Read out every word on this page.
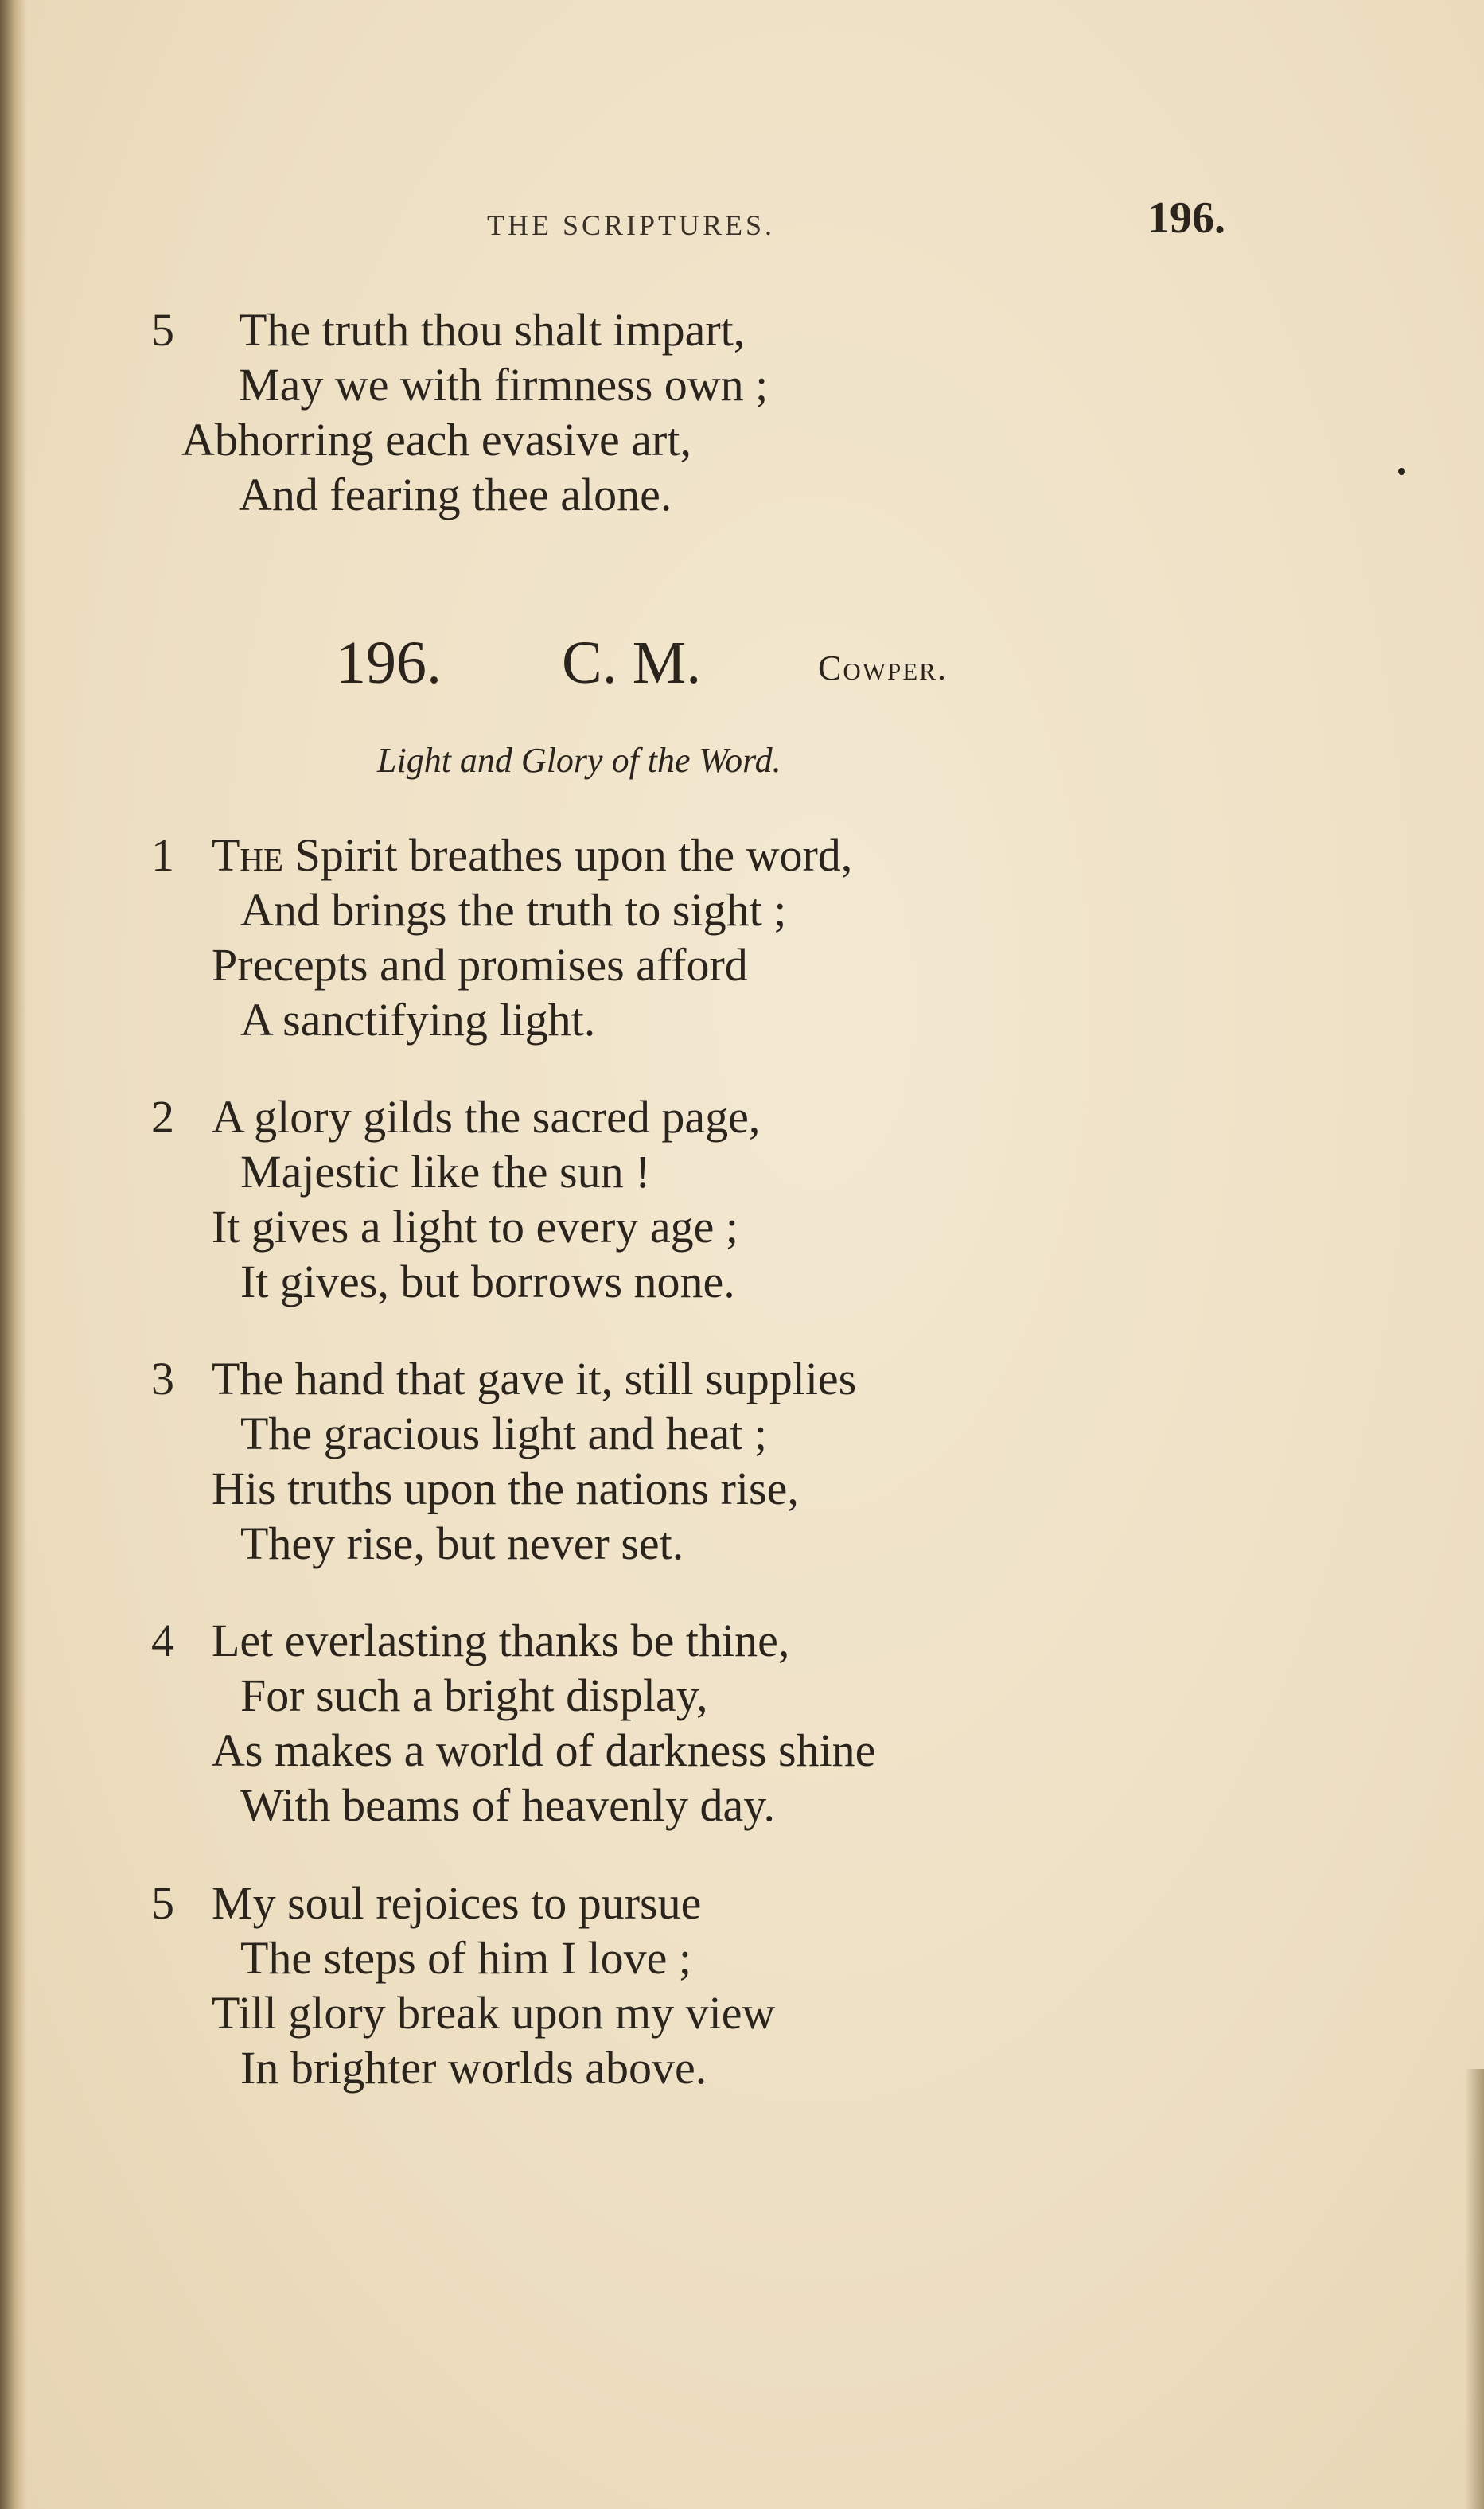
THE SCRIPTURES.	196.
5 The truth thou shalt impart,
May we with firmness own ;
Abhorring each evasive art,
And fearing thee alone.
196. C. M.	Cowper.
Light and Glory of the Word.
1 The Spirit breathes upon the word,
And brings the truth to sight ;
Precepts and promises afford
A sanctifying light.
2 A glory gilds the sacred page,
Majestic like the sun !
It gives a light to every age ;
It gives, but borrows none.
3 The hand that gave it, still supplies
The gracious light and heat ;
His truths upon the nations rise,
They rise, but never set.
4 Let everlasting thanks be thine,
For such a bright display,
As makes a world of darkness shine
With beams of heavenly day.
5 My soul rejoices to pursue
The steps of him I love ;
Till glory break upon my view
In brighter worlds above.
